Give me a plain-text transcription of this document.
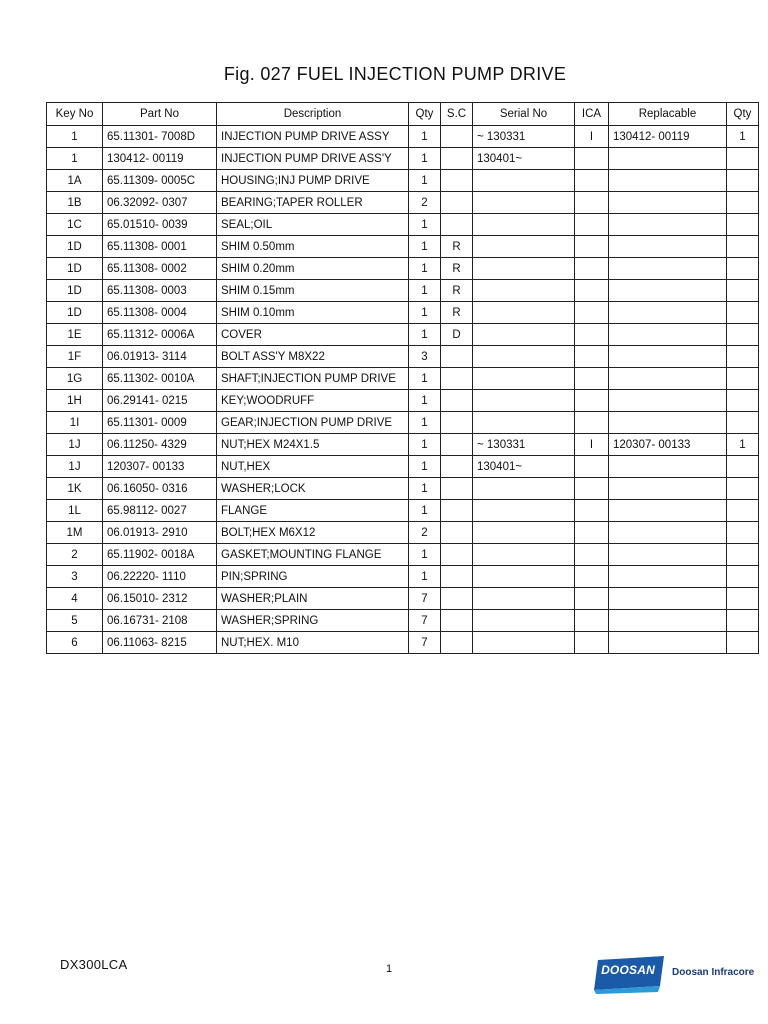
Fig. 027 FUEL INJECTION PUMP DRIVE
Key No	Part No	Description	Qty	S.C	Serial No	ICA	Replacable	Qty
1	65.11301- 7008D	INJECTION PUMP DRIVE ASSY	1		~ 130331	I	130412- 00119	1
1	130412- 00119	INJECTION PUMP DRIVE ASS'Y	1		130401~			
1A	65.11309- 0005C	HOUSING;INJ PUMP DRIVE	1					
1B	06.32092- 0307	BEARING;TAPER ROLLER	2					
1C	65.01510- 0039	SEAL;OIL	1					
1D	65.11308- 0001	SHIM 0.50mm	1	R				
1D	65.11308- 0002	SHIM 0.20mm	1	R				
1D	65.11308- 0003	SHIM 0.15mm	1	R				
1D	65.11308- 0004	SHIM 0.10mm	1	R				
1E	65.11312- 0006A	COVER	1	D				
1F	06.01913- 3114	BOLT ASS'Y M8X22	3					
1G	65.11302- 0010A	SHAFT;INJECTION PUMP DRIVE	1					
1H	06.29141- 0215	KEY;WOODRUFF	1					
1I	65.11301- 0009	GEAR;INJECTION PUMP DRIVE	1					
1J	06.11250- 4329	NUT;HEX M24X1.5	1		~ 130331	I	120307- 00133	1
1J	120307- 00133	NUT,HEX	1		130401~			
1K	06.16050- 0316	WASHER;LOCK	1					
1L	65.98112- 0027	FLANGE	1					
1M	06.01913- 2910	BOLT;HEX M6X12	2					
2	65.11902- 0018A	GASKET;MOUNTING FLANGE	1					
3	06.22220- 1110	PIN;SPRING	1					
4	06.15010- 2312	WASHER;PLAIN	7					
5	06.16731- 2108	WASHER;SPRING	7					
6	06.11063- 8215	NUT;HEX. M10	7					
DX300LCA	1	DOOSAN	Doosan Infracore
